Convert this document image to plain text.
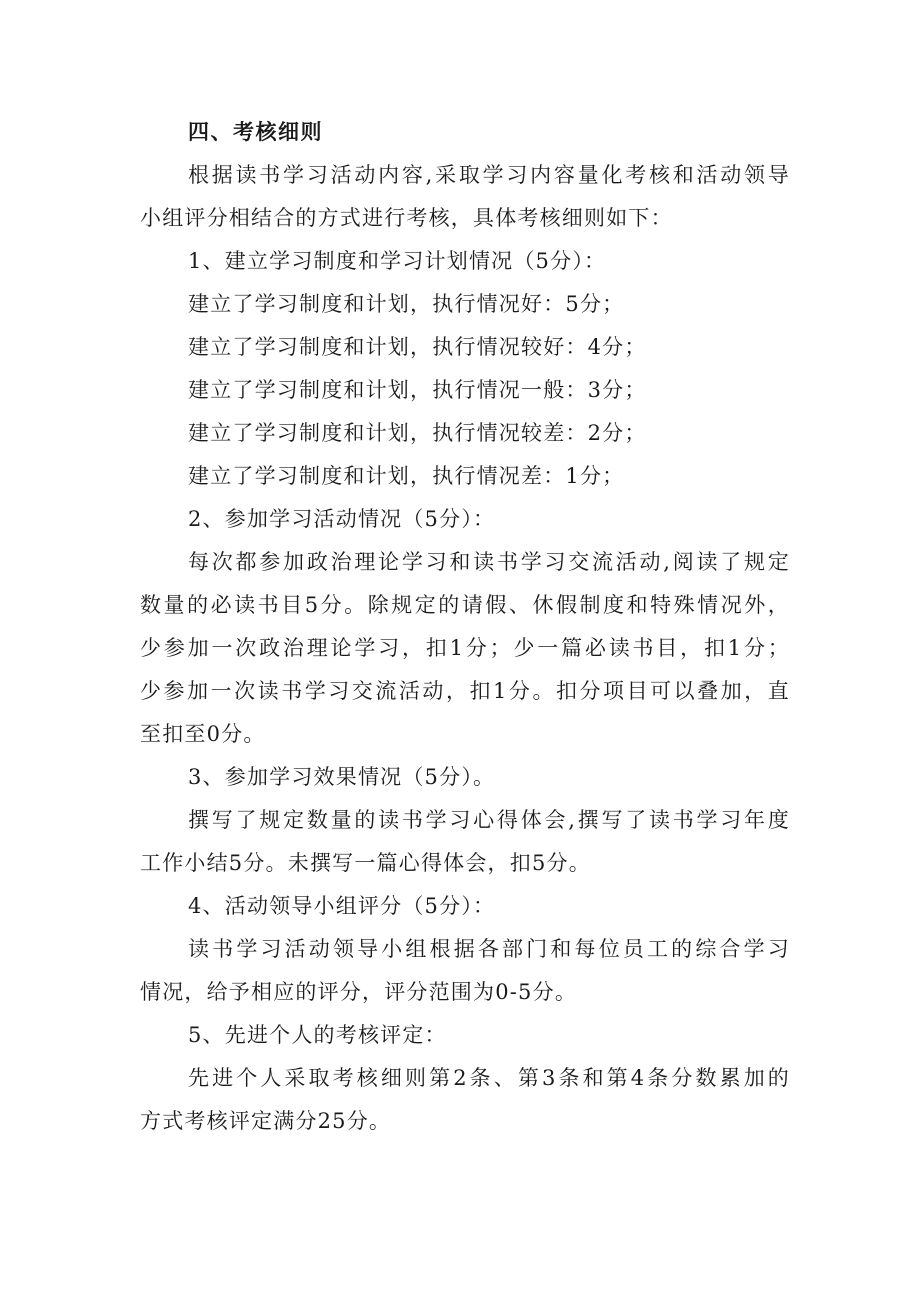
四、考核细则
根据读书学习活动内容,采取学习内容量化考核和活动领导
小组评分相结合的方式进行考核，具体考核细则如下：
1、建立学习制度和学习计划情况（5分）：
建立了学习制度和计划，执行情况好：5分；
建立了学习制度和计划，执行情况较好：4分；
建立了学习制度和计划，执行情况一般：3分；
建立了学习制度和计划，执行情况较差：2分；
建立了学习制度和计划，执行情况差：1分；
2、参加学习活动情况（5分）：
每次都参加政治理论学习和读书学习交流活动,阅读了规定
数量的必读书目5分。除规定的请假、休假制度和特殊情况外，
少参加一次政治理论学习，扣1分；少一篇必读书目，扣1分；
少参加一次读书学习交流活动，扣1分。扣分项目可以叠加，直
至扣至0分。
3、参加学习效果情况（5分）。
撰写了规定数量的读书学习心得体会,撰写了读书学习年度
工作小结5分。未撰写一篇心得体会，扣5分。
4、活动领导小组评分（5分）：
读书学习活动领导小组根据各部门和每位员工的综合学习
情况，给予相应的评分，评分范围为0-5分。
5、先进个人的考核评定：
先进个人采取考核细则第2条、第3条和第4条分数累加的
方式考核评定满分25分。
